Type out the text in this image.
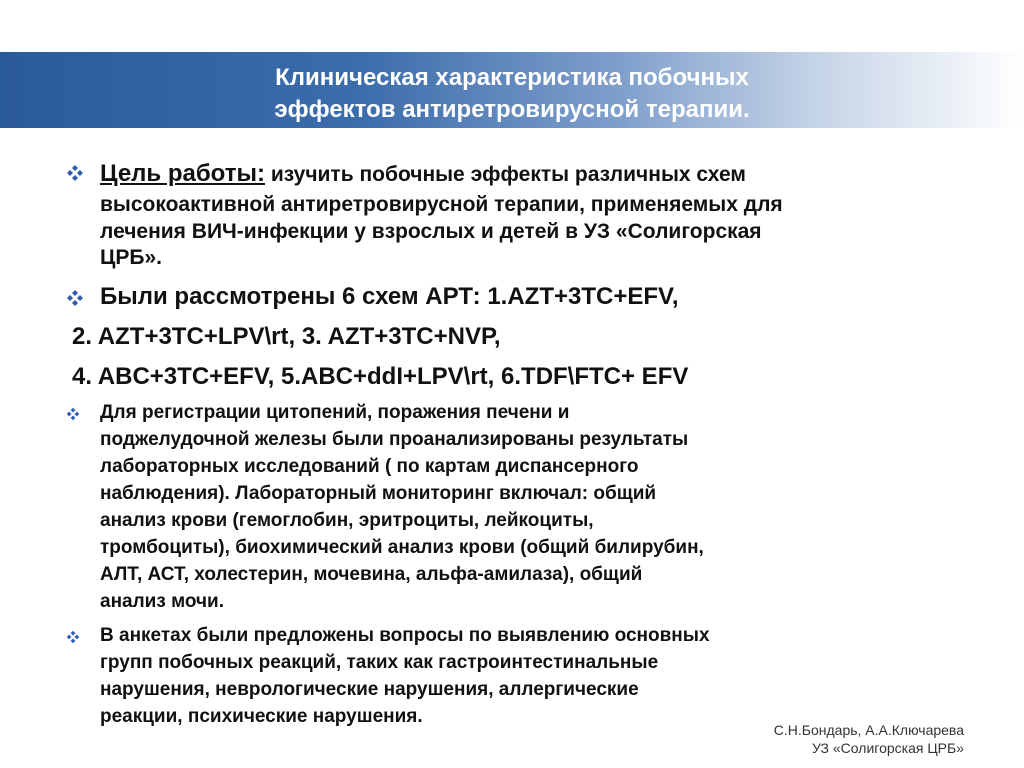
Клиническая характеристика побочных
эффектов антиретровирусной терапии.
Цель работы: изучить побочные эффекты различных схем
высокоактивной антиретровирусной терапии, применяемых для
лечения ВИЧ-инфекции у взрослых и детей в УЗ «Солигорская
ЦРБ».
Были рассмотрены 6 схем АРТ: 1.AZT+3TC+EFV,
2. AZT+3TC+LPV\rt, 3. AZT+3TC+NVP,
4. ABC+3TC+EFV, 5.ABC+ddI+LPV\rt, 6.TDF\FTC+ EFV
Для регистрации цитопений, поражения печени и
поджелудочной железы были проанализированы результаты
лабораторных исследований ( по картам диспансерного
наблюдения). Лабораторный мониторинг включал: общий
анализ крови (гемоглобин, эритроциты, лейкоциты,
тромбоциты), биохимический анализ крови (общий билирубин,
АЛТ, АСТ, холестерин, мочевина, альфа-амилаза), общий
анализ мочи.
В анкетах были предложены вопросы по выявлению основных
групп побочных реакций, таких как гастроинтестинальные
нарушения, неврологические нарушения, аллергические
реакции, психические нарушения.
С.Н.Бондарь, А.А.Ключарева
УЗ «Солигорская ЦРБ»
